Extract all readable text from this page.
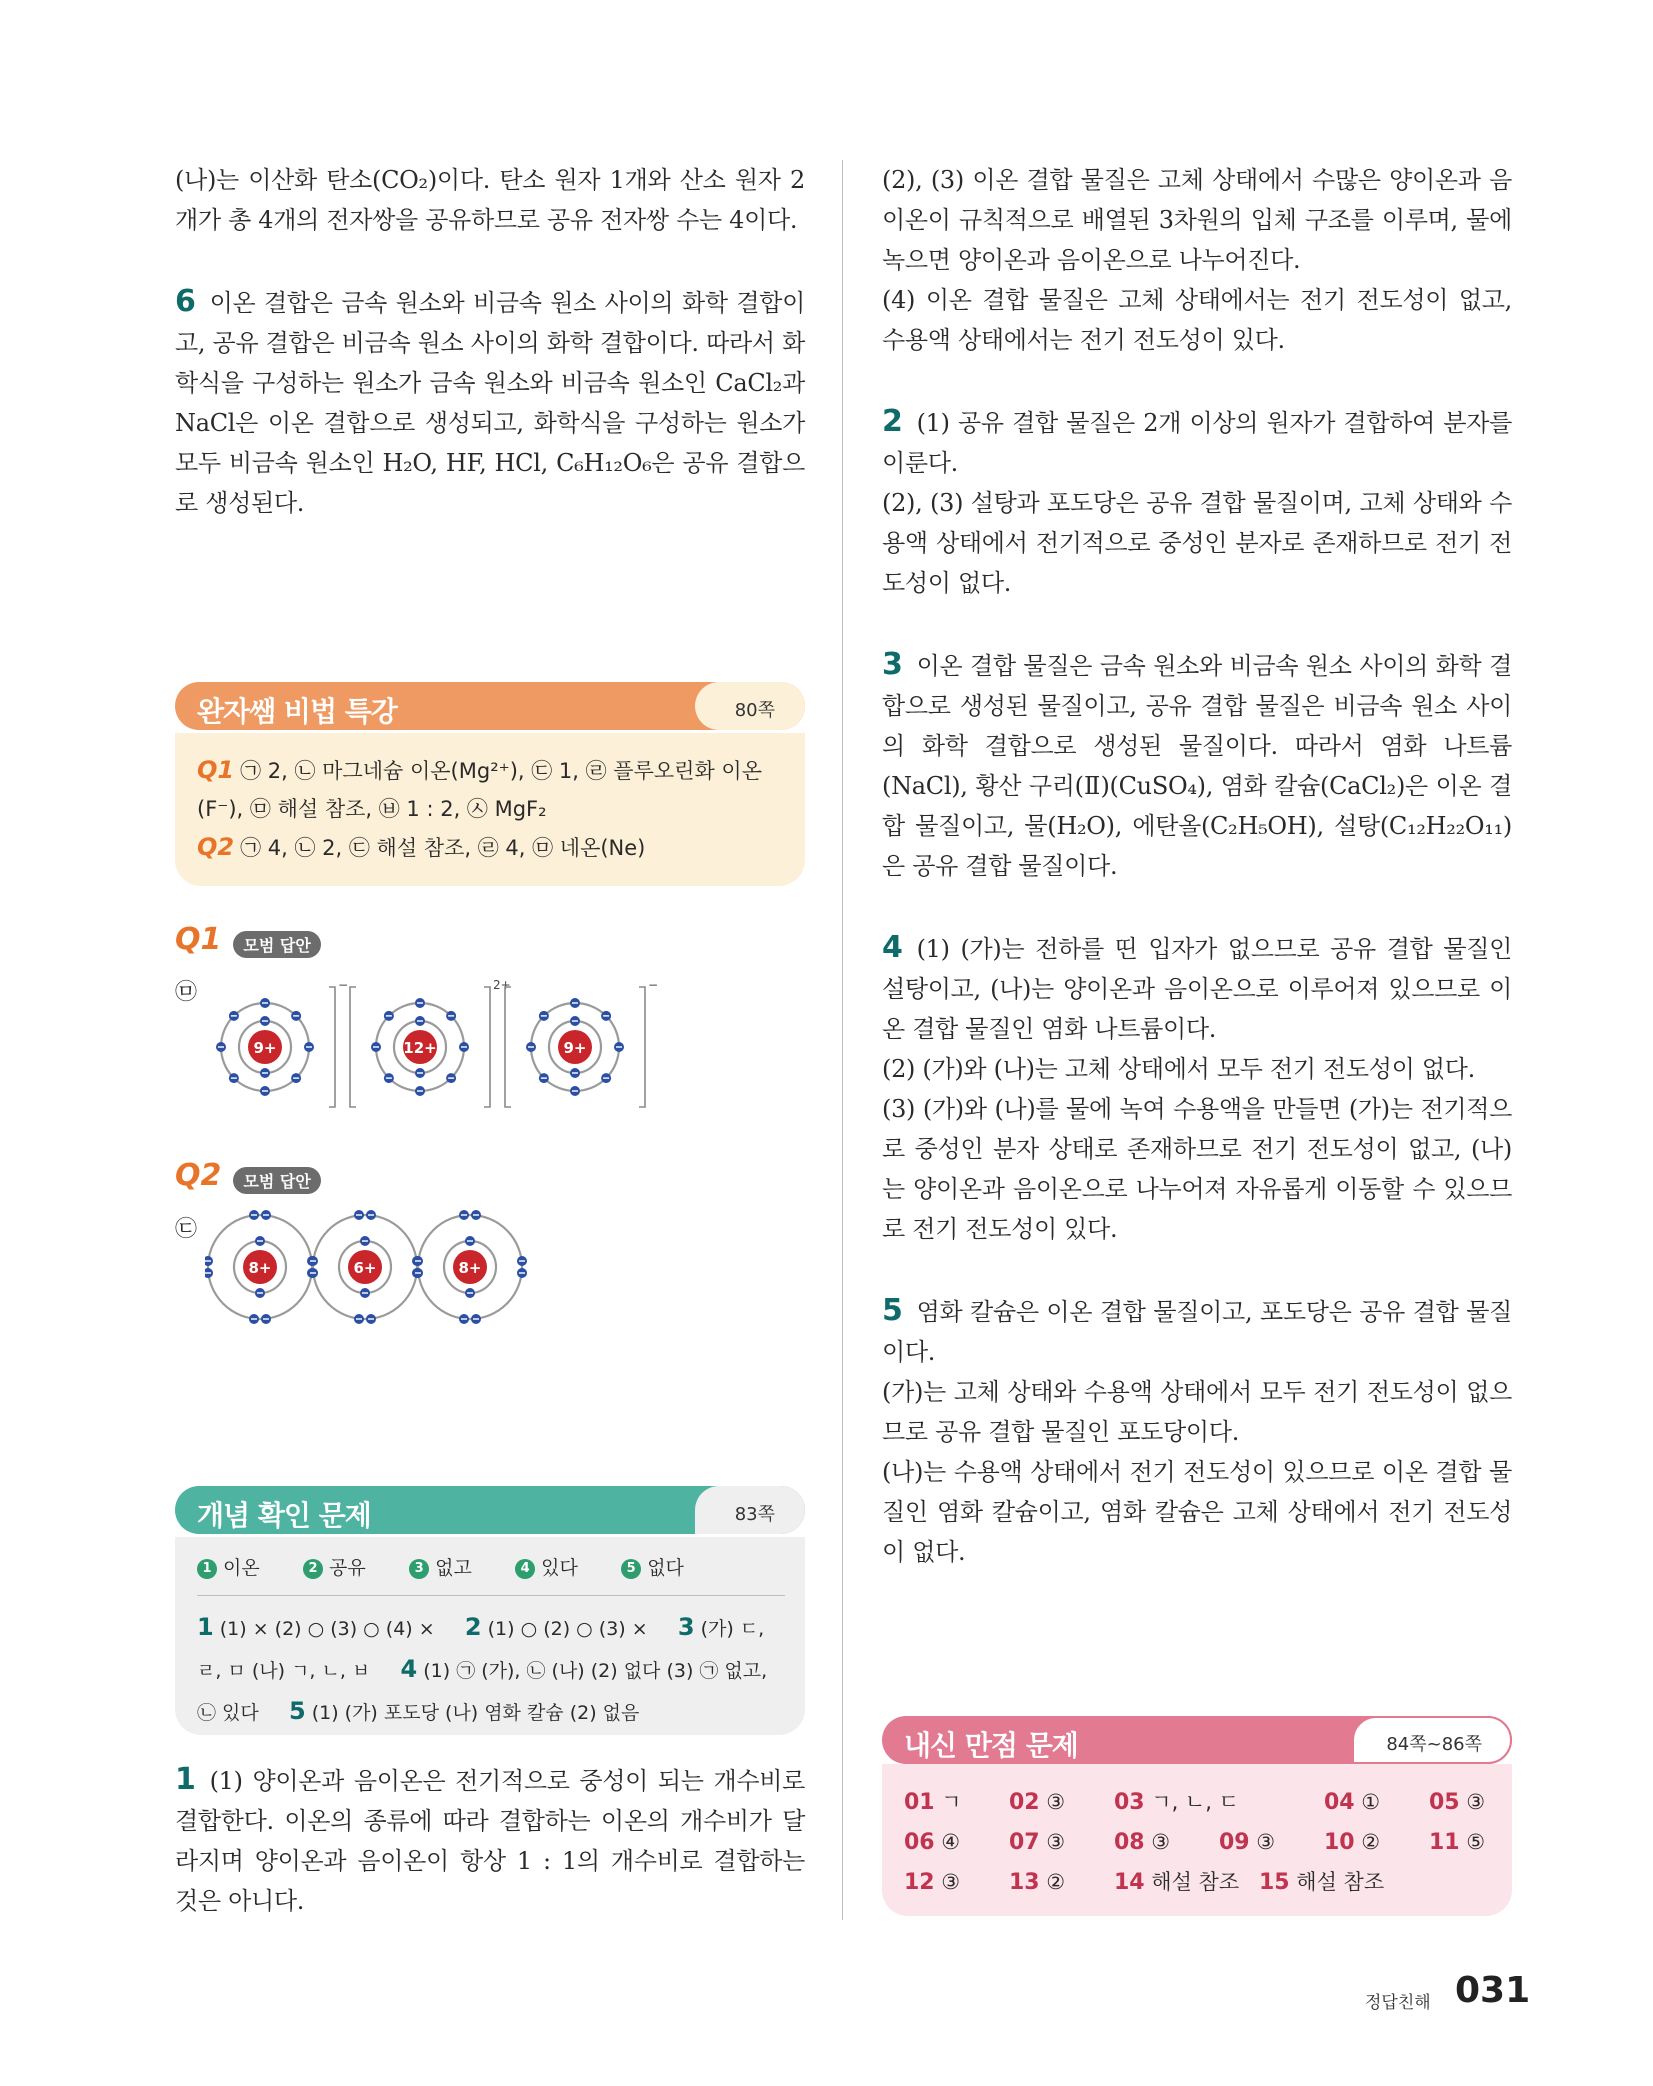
(나)는 이산화 탄소(CO₂)이다. 탄소 원자 1개와 산소 원자 2개가 총 4개의 전자쌍을 공유하므로 공유 전자쌍 수는 4이다.

6 이온 결합은 금속 원소와 비금속 원소 사이의 화학 결합이고, 공유 결합은 비금속 원소 사이의 화학 결합이다. 따라서 화학식을 구성하는 원소가 금속 원소와 비금속 원소인 CaCl₂과 NaCl은 이온 결합으로 생성되고, 화학식을 구성하는 원소가 모두 비금속 원소인 H₂O, HF, HCl, C₆H₁₂O₆은 공유 결합으로 생성된다.

완자쌤 비법 특강	80쪽
Q1 ㉠ 2, ㉡ 마그네슘 이온(Mg²⁺), ㉢ 1, ㉣ 플루오린화 이온(F⁻), ㉤ 해설 참조, ㉥ 1 : 2, ㉦ MgF₂
Q2 ㉠ 4, ㉡ 2, ㉢ 해설 참조, ㉣ 4, ㉤ 네온(Ne)
Q1 모범 답안
㉤	−
9+
2+
12+
−
9+
Q2 모범 답안
㉢
8+	6+	8+
개념 확인 문제	83쪽
1 이온	2 공유	3 없고	4 있다	5 없다
1 (1) × (2) ○ (3) ○ (4) × 2 (1) ○ (2) ○ (3) × 3 (가) ㄷ,
ㄹ, ㅁ (나) ㄱ, ㄴ, ㅂ 4 (1) ㉠ (가), ㉡ (나) (2) 없다 (3) ㉠ 없고,
㉡ 있다 5 (1) (가) 포도당 (나) 염화 칼슘 (2) 없음

1 (1) 양이온과 음이온은 전기적으로 중성이 되는 개수비로 결합한다. 이온의 종류에 따라 결합하는 이온의 개수비가 달라지며 양이온과 음이온이 항상 1 : 1의 개수비로 결합하는 것은 아니다.

(2), (3) 이온 결합 물질은 고체 상태에서 수많은 양이온과 음이온이 규칙적으로 배열된 3차원의 입체 구조를 이루며, 물에 녹으면 양이온과 음이온으로 나누어진다.

(4) 이온 결합 물질은 고체 상태에서는 전기 전도성이 없고, 수용액 상태에서는 전기 전도성이 있다.

2 (1) 공유 결합 물질은 2개 이상의 원자가 결합하여 분자를 이룬다.

(2), (3) 설탕과 포도당은 공유 결합 물질이며, 고체 상태와 수용액 상태에서 전기적으로 중성인 분자로 존재하므로 전기 전도성이 없다.

3 이온 결합 물질은 금속 원소와 비금속 원소 사이의 화학 결합으로 생성된 물질이고, 공유 결합 물질은 비금속 원소 사이의 화학 결합으로 생성된 물질이다. 따라서 염화 나트륨(NaCl), 황산 구리(Ⅱ)(CuSO₄), 염화 칼슘(CaCl₂)은 이온 결합 물질이고, 물(H₂O), 에탄올(C₂H₅OH), 설탕(C₁₂H₂₂O₁₁)은 공유 결합 물질이다.

4 (1) (가)는 전하를 띤 입자가 없으므로 공유 결합 물질인 설탕이고, (나)는 양이온과 음이온으로 이루어져 있으므로 이온 결합 물질인 염화 나트륨이다.

(2) (가)와 (나)는 고체 상태에서 모두 전기 전도성이 없다.

(3) (가)와 (나)를 물에 녹여 수용액을 만들면 (가)는 전기적으로 중성인 분자 상태로 존재하므로 전기 전도성이 없고, (나)는 양이온과 음이온으로 나누어져 자유롭게 이동할 수 있으므로 전기 전도성이 있다.

5 염화 칼슘은 이온 결합 물질이고, 포도당은 공유 결합 물질이다.

(가)는 고체 상태와 수용액 상태에서 모두 전기 전도성이 없으므로 공유 결합 물질인 포도당이다.

(나)는 수용액 상태에서 전기 전도성이 있으므로 이온 결합 물질인 염화 칼슘이고, 염화 칼슘은 고체 상태에서 전기 전도성이 없다.

내신 만점 문제	84쪽~86쪽
01 ㄱ 02 ③ 03 ㄱ, ㄴ, ㄷ	04 ① 05 ③
06 ④ 07 ③ 08 ③ 09 ③ 10 ② 11 ⑤
12 ③ 13 ② 14 해설 참조 15 해설 참조
정답친해 031
